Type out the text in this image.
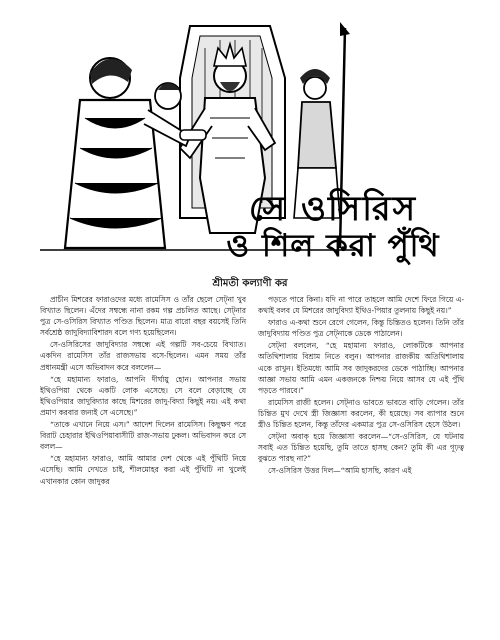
সে ওসিরিস
ও শিল করা পুঁথি
শ্রীমতী কল্যাণী কর

প্রাচীন মিশরের ফারাওদের মধ্যে রামেসিস ও তাঁর ছেলে সেট্না খুব বিখ্যাত ছিলেন। এঁদের সম্বন্ধে নানা রকম গল্প প্রচলিত আছে। সেট্নার পুত্র সে-ওসিরিস বিখ্যাত পণ্ডিত ছিলেন। মাত্র বারো বছর বয়সেই তিনি সর্বশ্রেষ্ঠ জাদুবিদ্যাবিশারদ বলে গণ্য হয়েছিলেন।

সে-ওসিরিসের জাদুবিদ্যার সম্বন্ধে এই গল্পটি সব-চেয়ে বিখ্যাত। একদিন রামেসিস তাঁর রাজসভায় বসে-ছিলেন। এমন সময় তাঁর প্রধানমন্ত্রী এসে অভিবাদন করে বললেন—

“হে মহামান্য ফারাও, আপনি দীর্ঘায়ু হোন। আপনার সভায় ইথিওপিয়া থেকে একটি লোক এসেছে। সে বলে বেড়াচ্ছে যে ইথিওপিয়ার জাদুবিদ্যার কাছে মিশরের জাদু-বিদ্যা কিছুই নয়। এই কথা প্রমাণ করবার জন্যই সে এসেছে।”

“তাকে এখানে নিয়ে এস।” আদেশ দিলেন রামেসিস। কিছুক্ষণ পরে বিরাট চেহারার ইথিওপিয়াবাসীটি রাজ-সভায় ঢুকল। অভিবাদন করে সে বলল—

“হে মহামান্য ফারাও, আমি আমার দেশ থেকে এই পুঁথিটি নিয়ে এসেছি। আমি দেখতে চাই, শীলমোহর করা এই পুঁথিটি না খুলেই এখানকার কোন জাদুকর

পড়তে পারে কিনা। যদি না পারে তাহলে আমি দেশে ফিরে গিয়ে এ-কথাই বলব যে মিশরের জাদুবিদ্যা ইথিও-পিয়ার তুলনায় কিছুই নয়।”

ফারাও এ-কথা শুনে রেগে গেলেন, কিন্তু চিন্তিতও হলেন। তিনি তাঁর জাদুবিদ্যায় পণ্ডিত পুত্র সেট্নাকে ডেকে পাঠালেন।

সেট্না বললেন, “হে মহামান্য ফারাও, লোকটিকে আপনার অতিথিশালায় বিশ্রাম নিতে বলুন। আপনার রাজকীয় অতিথিশালায় একে রাখুন। ইতিমধ্যে আমি সব জাদুকরদের ডেকে পাঠাচ্ছি। আপনার আজ্ঞা সভায় আমি এমন একজনকে নিশ্চয় নিয়ে আসব যে এই পুঁথি পড়তে পারবে।”

রামেসিস রাজী হলেন। সেট্নাও ভাবতে ভাবতে বাড়ি গেলেন। তাঁর চিন্তিত মুখ দেখে স্ত্রী জিজ্ঞাসা করলেন, কী হয়েছে। সব ব্যাপার শুনে স্ত্রীও চিন্তিত হলেন, কিন্তু তাঁদের একমাত্র পুত্র সে-ওসিরিস হেসে উঠল।

সেট্না অবাক্ হয়ে জিজ্ঞাসা করলেন—“সে-ওসিরিস, যে ঘটনায় সবাই এত চিন্তিত হয়েছি, তুমি তাতে হাসছ কেন? তুমি কী এর গূঢ়ত্ব বুঝতে পারছ না?”

সে-ওসিরিস উত্তর দিল—“আমি হাসছি, কারণ এই
